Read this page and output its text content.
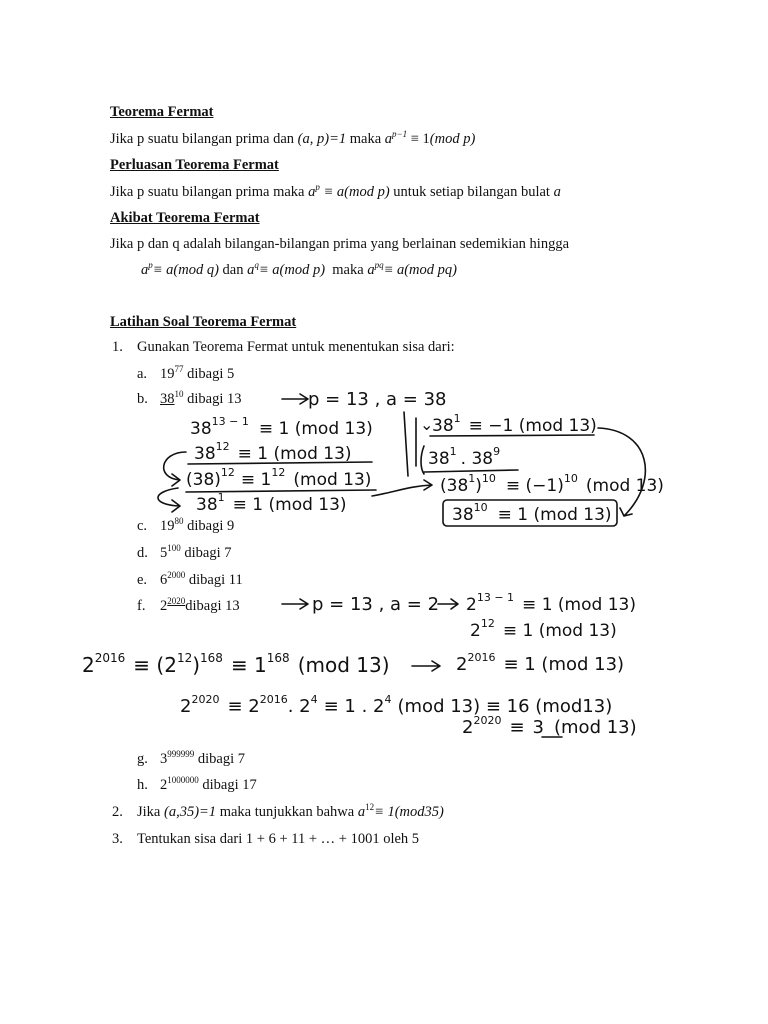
Teorema Fermat
Jika p suatu bilangan prima dan (a, p)=1 maka $a^{p-1} \equiv 1(mod$ p)
Perluasan Teorema Fermat
Jika p suatu bilangan prima maka $a^p \equiv a(mod$ p) untuk setiap bilangan bulat a
Akibat Teorema Fermat
Jika p dan q adalah bilangan-bilangan prima yang berlainan sedemikian hingga
$a^p\equiv a(mod$ q) dan $a^q\equiv a(mod$ p) maka $a^{pq}\equiv a(mod$ pq)
Latihan Soal Teorema Fermat
1. Gunakan Teorema Fermat untuk menentukan sisa dari:
a. $19^{77}$ dibagi 5
b. $38^{10}$ dibagi 13
c. $19^{80}$ dibagi 9
d. $5^{100}$ dibagi 7
e. $6^{2000}$ dibagi 11
f. $2^{2020}dibagi$ 13
g. $3^{999999}$ dibagi 7
h. $2^{1000000}$ dibagi 17
2. Jika (a,35)=1 maka tunjukkan bahwa $a^{12}\equiv 1(mod35)$
3. Tentukan sisa dari 1 + 6 + 11 + … + 1001 oleh 5
p = 13 , a = 38
$38^{13 - 1} \equiv 1$ (mod 13)
$38^{12} \equiv 1$ (mod 13)
$(38)^{12} \equiv 1^{12}$ (mod 13)
$38^1 \equiv 1$ (mod 13)
⌄
$38^1 \equiv -1$ (mod 13)
$38^1$ . $38^9$
$(38^1)^{10} \equiv (-1)^{10}$ (mod 13)
$38^{10} \equiv 1$ (mod 13)
p = 13 , a = 2 $2^{13 - 1} \equiv 1$ (mod 13)
$2^{12} \equiv 1$ (mod 13)
$2^{2016} \equiv (2^{12})^{168} \equiv 1^{168}$ (mod 13)	$2^{2016} \equiv 1$ (mod 13)
$2^{2020} \equiv 2^{2016}$. $2^4 \equiv 1$ . $2^4$ (mod 13) ≡ 16 (mod13)
$2^{2020} \equiv 3$ (mod 13)
